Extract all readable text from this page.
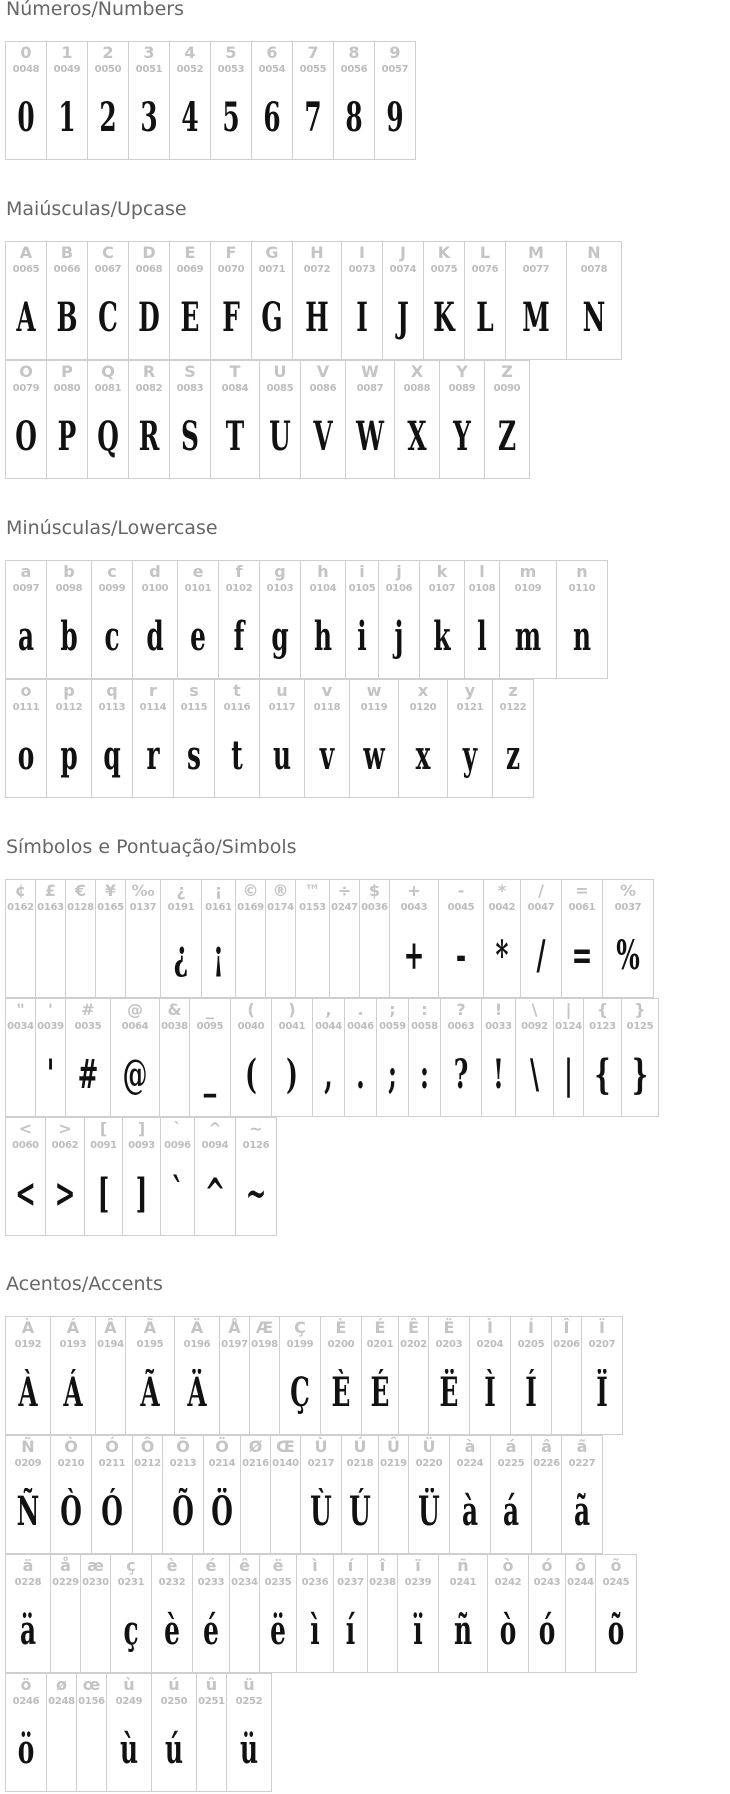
Números/Numbers
0
0048
0
1
0049
1
2
0050
2
3
0051
3
4
0052
4
5
0053
5
6
0054
6
7
0055
7
8
0056
8
9
0057
9
Maiúsculas/Upcase
A
0065
A
B
0066
B
C
0067
C
D
0068
D
E
0069
E
F
0070
F
G
0071
G
H
0072
H
I
0073
I
J
0074
J
K
0075
K
L
0076
L
M
0077
M
N
0078
N
O
0079
O
P
0080
P
Q
0081
Q
R
0082
R
S
0083
S
T
0084
T
U
0085
U
V
0086
V
W
0087
W
X
0088
X
Y
0089
Y
Z
0090
Z
Minúsculas/Lowercase
a
0097
a
b
0098
b
c
0099
c
d
0100
d
e
0101
e
f
0102
f
g
0103
g
h
0104
h
i
0105
i
j
0106
j
k
0107
k
l
0108
l
m
0109
m
n
0110
n
o
0111
o
p
0112
p
q
0113
q
r
0114
r
s
0115
s
t
0116
t
u
0117
u
v
0118
v
w
0119
w
x
0120
x
y
0121
y
z
0122
z
Símbolos e Pontuação/Simbols
¢
0162
£
0163
€
0128
¥
0165
‰
0137
¿
0191
¿
¡
0161
¡
©
0169
®
0174
™
0153
÷
0247
$
0036
+
0043
+
-
0045
-
*
0042
*
/
0047
/
=
0061
=
%
0037
%
"
0034
'
0039
'
#
0035
#
@
0064
@
&
0038
_
0095
_
(
0040
(
)
0041
)
,
0044
,
.
0046
.
;
0059
;
:
0058
:
?
0063
?
!
0033
!
\
0092
\
|
0124
|
{
0123
{
}
0125
}
<
0060
<
>
0062
>
[
0091
[
]
0093
]
`
0096
`
^
0094
^
~
0126
~
Acentos/Accents
À
0192
À
Á
0193
Á
Â
0194
Ã
0195
Ã
Ä
0196
Ä
Å
0197
Æ
0198
Ç
0199
Ç
È
0200
È
É
0201
É
Ê
0202
Ë
0203
Ë
Ì
0204
Ì
Í
0205
Í
Î
0206
Ï
0207
Ï
Ñ
0209
Ñ
Ò
0210
Ò
Ó
0211
Ó
Ô
0212
Õ
0213
Õ
Ö
0214
Ö
Ø
0216
Œ
0140
Ù
0217
Ù
Ú
0218
Ú
Û
0219
Ü
0220
Ü
à
0224
à
á
0225
á
â
0226
ã
0227
ã
ä
0228
ä
å
0229
æ
0230
ç
0231
ç
è
0232
è
é
0233
é
ê
0234
ë
0235
ë
ì
0236
ì
í
0237
í
î
0238
ï
0239
ï
ñ
0241
ñ
ò
0242
ò
ó
0243
ó
ô
0244
õ
0245
õ
ö
0246
ö
ø
0248
œ
0156
ù
0249
ù
ú
0250
ú
û
0251
ü
0252
ü
